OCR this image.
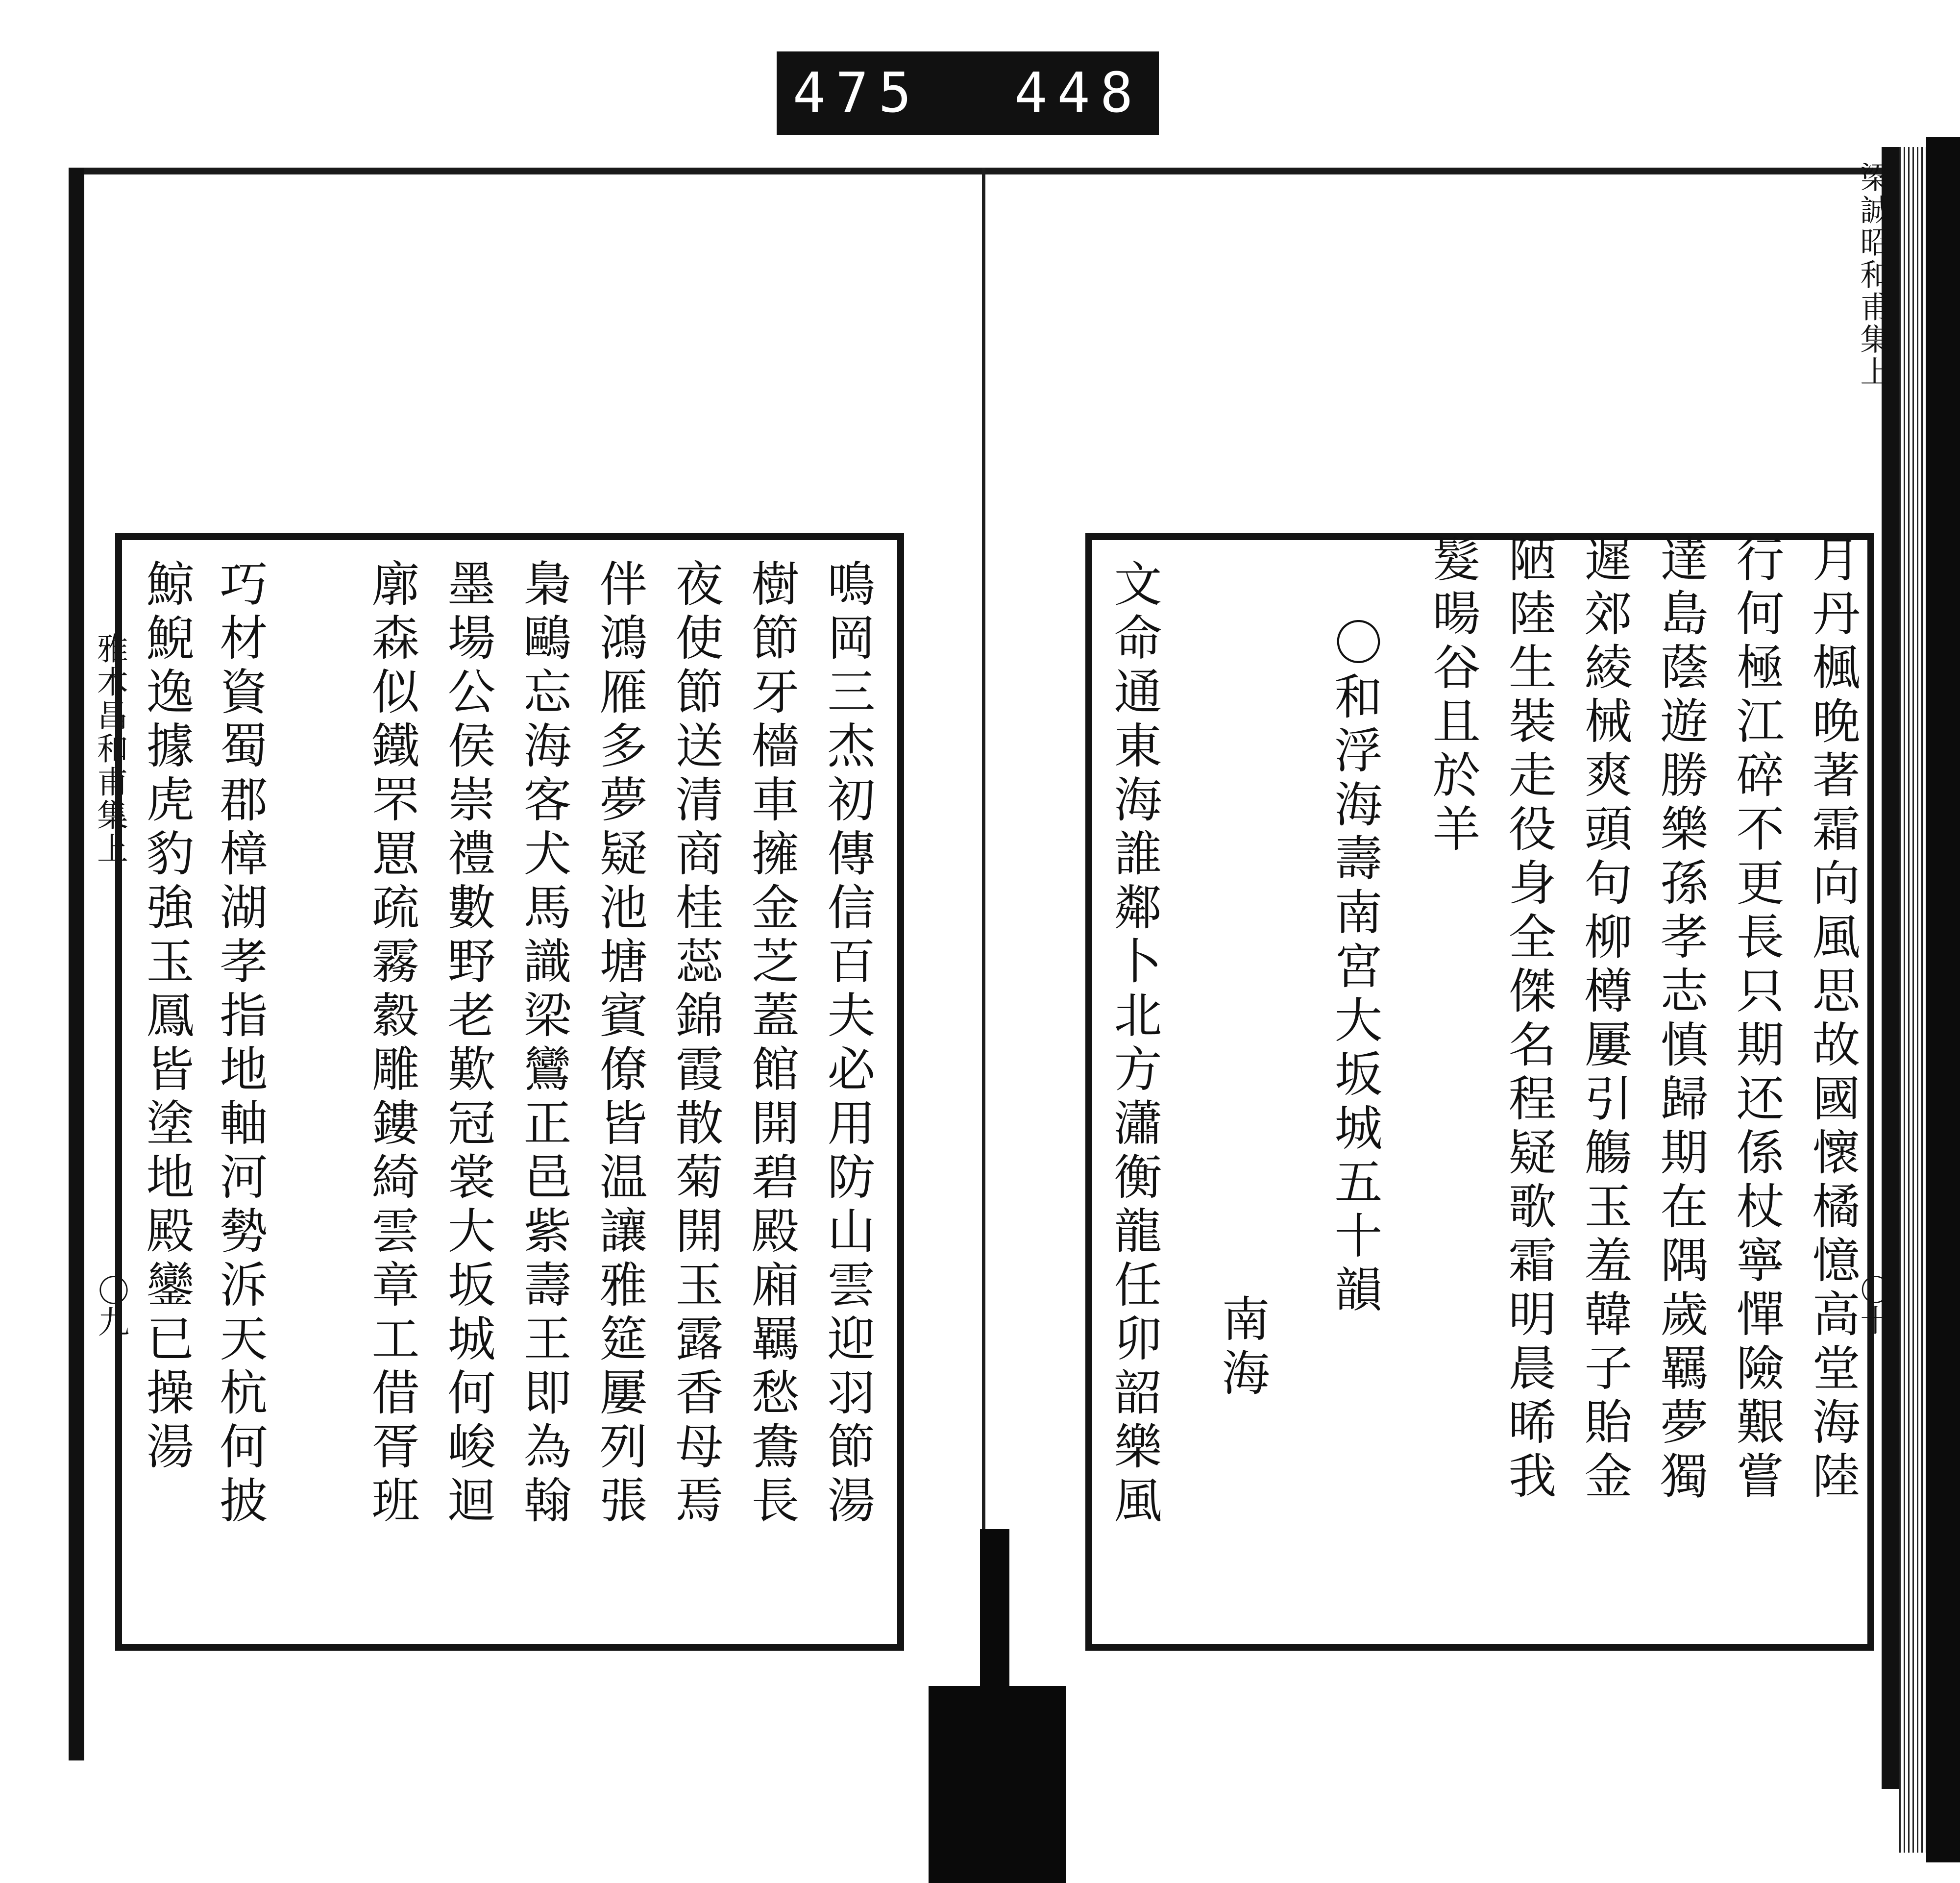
475 448
雅木昌和甫集上
〇九	鳴岡三杰初傳信百夫必用防山雲迎羽節湯
樹節牙檣車擁金芝蓋館開碧殿廂羈愁鴦長
夜使節送清商桂蕊錦霞散菊開玉露香母焉
伴鴻雁多夢疑池塘賓僚皆温讓雅筵屢列張
梟鷗忘海客犬馬識梁鸞正邑紫壽王即為翰
墨場公侯崇禮數野老歎冠裳大坂城何峻迴
廓森似鐵罘罳疏霧縠雕鏤綺雲章工借胥班
巧材資蜀郡樟湖孝指地軸河勢泝天杭何披
鯨鯢逸據虎豹強玉鳳皆塗地殿鑾已操湯
梁誠昭和甫集上
〇十
月丹楓晚著霜向風思故國懷橘憶高堂海陸
行何極江碎不更長只期还係杖寧憚險艱嘗
達島蔭遊勝樂孫孝志慎歸期在隅歲羈夢獨
遲郊綾械爽頭句柳樽屢引觴玉羞韓子貽金
陋陸生裝走役身全傑名程疑歌霜明晨晞我
髮暘谷且於羊
〇和浮海壽南宮大坂城五十韻
南海
文命通東海誰鄰卜北方瀟衡龍任卯韶樂風
